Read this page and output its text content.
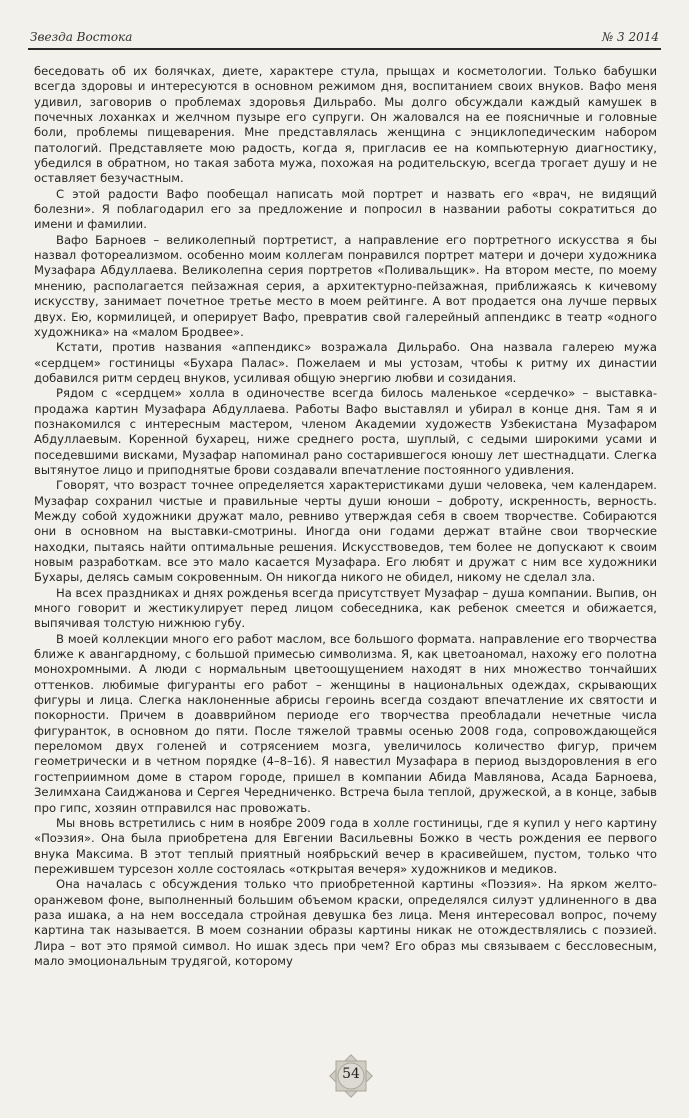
Звезда Востока	№ 3 2014

беседовать об их болячках, диете, характере стула, прыщах и косметологии. Только бабушки всегда здоровы и интересуются в основном режимом дня, воспитанием своих внуков. Вафо меня удивил, заговорив о проблемах здоровья Дильрабо. Мы долго обсуждали каждый камушек в почечных лоханках и желчном пузыре его супруги. Он жаловался на ее поясничные и головные боли, проблемы пищеварения. Мне представлялась женщина с энциклопедическим набором патологий. Представляете мою радость, когда я, пригласив ее на компьютерную диагностику, убедился в обратном, но такая забота мужа, похожая на родительскую, всегда трогает душу и не оставляет безучастным.

С этой радости Вафо пообещал написать мой портрет и назвать его «врач, не видящий болезни». Я поблагодарил его за предложение и попросил в названии работы сократиться до имени и фамилии.

Вафо Барноев – великолепный портретист, а направление его портретного искусства я бы назвал фотореализмом. особенно моим коллегам понравился портрет матери и дочери художника Музафара Абдуллаева. Великолепна серия портретов «Поливальщик». На втором месте, по моему мнению, располагается пейзажная серия, а архитектурно-пейзажная, приближаясь к кичевому искусству, занимает почетное третье место в моем рейтинге. А вот продается она лучше первых двух. Ею, кормилицей, и оперирует Вафо, превратив свой галерейный аппендикс в театр «одного художника» на «малом Бродвее».

Кстати, против названия «аппендикс» возражала Дильрабо. Она назвала галерею мужа «сердцем» гостиницы «Бухара Палас». Пожелаем и мы устозам, чтобы к ритму их династии добавился ритм сердец внуков, усиливая общую энергию любви и созидания.

Рядом с «сердцем» холла в одиночестве всегда билось маленькое «сердечко» – выставка-продажа картин Музафара Абдуллаева. Работы Вафо выставлял и убирал в конце дня. Там я и познакомился с интересным мастером, членом Академии художеств Узбекистана Музафаром Абдуллаевым. Коренной бухарец, ниже среднего роста, шуплый, с седыми широкими усами и поседевшими висками, Музафар напоминал рано состарившегося юношу лет шестнадцати. Слегка вытянутое лицо и приподнятые брови создавали впечатление постоянного удивления.

Говорят, что возраст точнее определяется характеристиками души человека, чем календарем. Музафар сохранил чистые и правильные черты души юноши – доброту, искренность, верность. Между собой художники дружат мало, ревниво утверждая себя в своем творчестве. Собираются они в основном на выставки-смотрины. Иногда они годами держат втайне свои творческие находки, пытаясь найти оптимальные решения. Искусствоведов, тем более не допускают к своим новым разработкам. все это мало касается Музафара. Его любят и дружат с ним все художники Бухары, делясь самым сокровенным. Он никогда никого не обидел, никому не сделал зла.

На всех праздниках и днях рожденья всегда присутствует Музафар – душа компании. Выпив, он много говорит и жестикулирует перед лицом собеседника, как ребенок смеется и обижается, выпячивая толстую нижнюю губу.

В моей коллекции много его работ маслом, все большого формата. направление его творчества ближе к авангардному, с большой примесью символизма. Я, как цветоаномал, нахожу его полотна монохромными. А люди с нормальным цветоощущением находят в них множество тончайших оттенков. любимые фигуранты его работ – женщины в национальных одеждах, скрывающих фигуры и лица. Слегка наклоненные абрисы героинь всегда создают впечатление их святости и покорности. Причем в доавврийном периоде его творчества преобладали нечетные числа фигуранток, в основном до пяти. После тяжелой травмы осенью 2008 года, сопровождающейся переломом двух голеней и сотрясением мозга, увеличилось количество фигур, причем геометрически и в четном порядке (4–8–16). Я навестил Музафара в период выздоровления в его гостеприимном доме в старом городе, пришел в компании Абида Мавлянова, Асада Барноева, Зелимхана Саиджанова и Сергея Чередниченко. Встреча была теплой, дружеской, а в конце, забыв про гипс, хозяин отправился нас провожать.

Мы вновь встретились с ним в ноябре 2009 года в холле гостиницы, где я купил у него картину «Поэзия». Она была приобретена для Евгении Васильевны Божко в честь рождения ее первого внука Максима. В этот теплый приятный ноябрьский вечер в красивейшем, пустом, только что пережившем турсезон холле состоялась «открытая вечеря» художников и медиков.

Она началась с обсуждения только что приобретенной картины «Поэзия». На ярком желто-оранжевом фоне, выполненный большим объемом краски, определялся силуэт удлиненного в два раза ишака, а на нем восседала стройная девушка без лица. Меня интересовал вопрос, почему картина так называется. В моем сознании образы картины никак не отождествлялись с поэзией. Лира – вот это прямой символ. Но ишак здесь при чем? Его образ мы связываем с бессловесным, мало эмоциональным трудягой, которому

54
